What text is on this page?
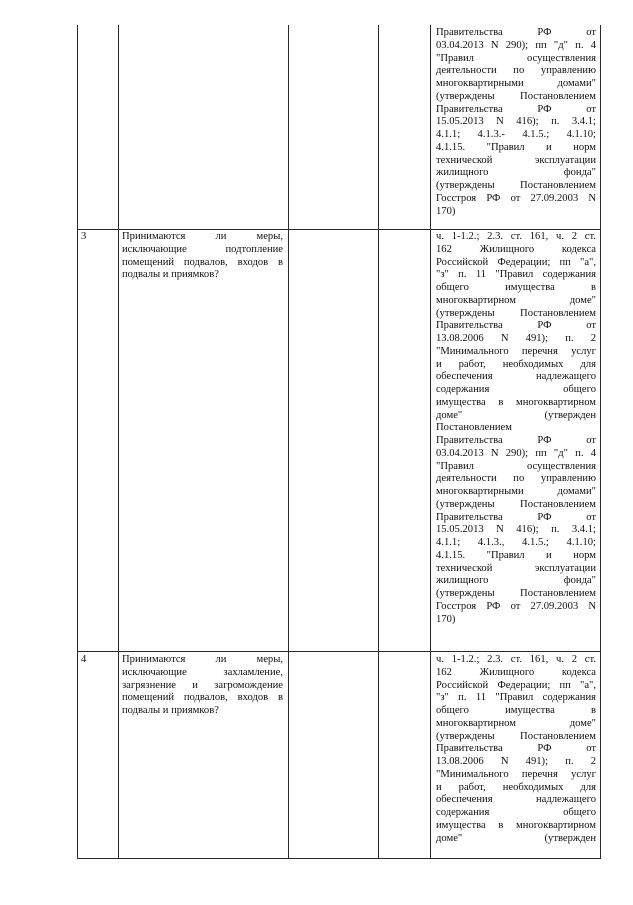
Правительства РФ от
03.04.2013 N 290); пп "д" п. 4
"Правил осуществления
деятельности по управлению
многоквартирными домами"
(утверждены Постановлением
Правительства РФ от
15.05.2013 N 416); п. 3.4.1;
4.1.1; 4.1.3.- 4.1.5.; 4.1.10;
4.1.15. "Правил и норм
технической эксплуатации
жилищного фонда"
(утверждены Постановлением
Госстроя РФ от 27.09.2003 N
170)
3	Принимаются ли меры,
исключающие подтопление
помещений подвалов, входов в
подвалы и приямков?
ч. 1-1.2.; 2.3. ст. 161, ч. 2 ст.
162 Жилищного кодекса
Российской Федерации; пп "а",
"з" п. 11 "Правил содержания
общего имущества в
многоквартирном доме"
(утверждены Постановлением
Правительства РФ от
13.08.2006 N 491); п. 2
"Минимального перечня услуг
и работ, необходимых для
обеспечения надлежащего
содержания общего
имущества в многоквартирном
доме" (утвержден
Постановлением
Правительства РФ от
03.04.2013 N 290); пп "д" п. 4
"Правил осуществления
деятельности по управлению
многоквартирными домами"
(утверждены Постановлением
Правительства РФ от
15.05.2013 N 416); п. 3.4.1;
4.1.1; 4.1.3., 4.1.5.; 4.1.10;
4.1.15. "Правил и норм
технической эксплуатации
жилищного фонда"
(утверждены Постановлением
Госстроя РФ от 27.09.2003 N
170)
4	Принимаются ли меры,
исключающие захламление,
загрязнение и загромождение
помещений подвалов, входов в
подвалы и приямков?
ч. 1-1.2.; 2.3. ст. 161, ч. 2 ст.
162 Жилищного кодекса
Российской Федерации; пп "а",
"з" п. 11 "Правил содержания
общего имущества в
многоквартирном доме"
(утверждены Постановлением
Правительства РФ от
13.08.2006 N 491); п. 2
"Минимального перечня услуг
и работ, необходимых для
обеспечения надлежащего
содержания общего
имущества в многоквартирном
доме" (утвержден
